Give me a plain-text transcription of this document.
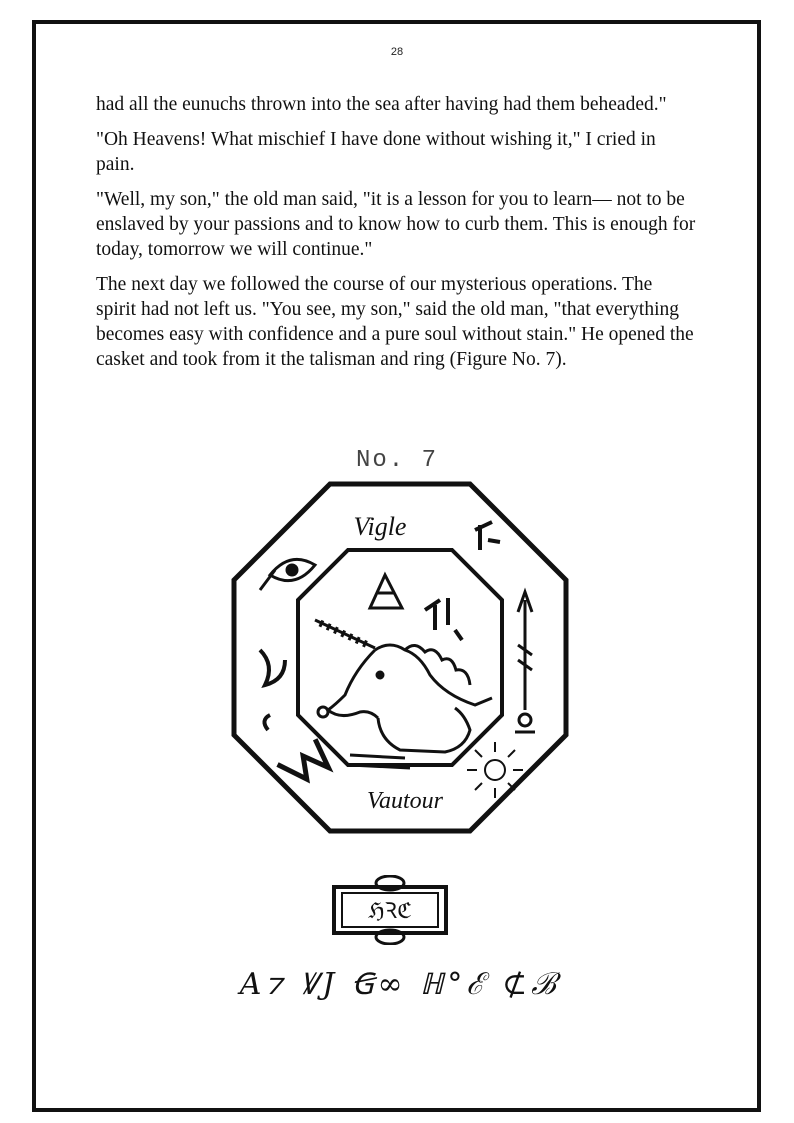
28

had all the eunuchs thrown into the sea after having had them beheaded."

"Oh Heavens! What mischief I have done without wishing it," I cried in pain.

"Well, my son," the old man said, "it is a lesson for you to learn— not to be enslaved by your passions and to know how to curb them. This is enough for today, tomorrow we will continue."

The next day we followed the course of our mysterious operations. The spirit had not left us. "You see, my son," said the old man, "that everything becomes easy with confidence and a pure soul without stain." He opened the casket and took from it the talisman and ring (Figure No. 7).

No. 7
Vigle
Vautour
ℌꝚℭ
A⁊ ꝞJ Ꞡ∞ ℍ°ℰ ⊄ℬ
